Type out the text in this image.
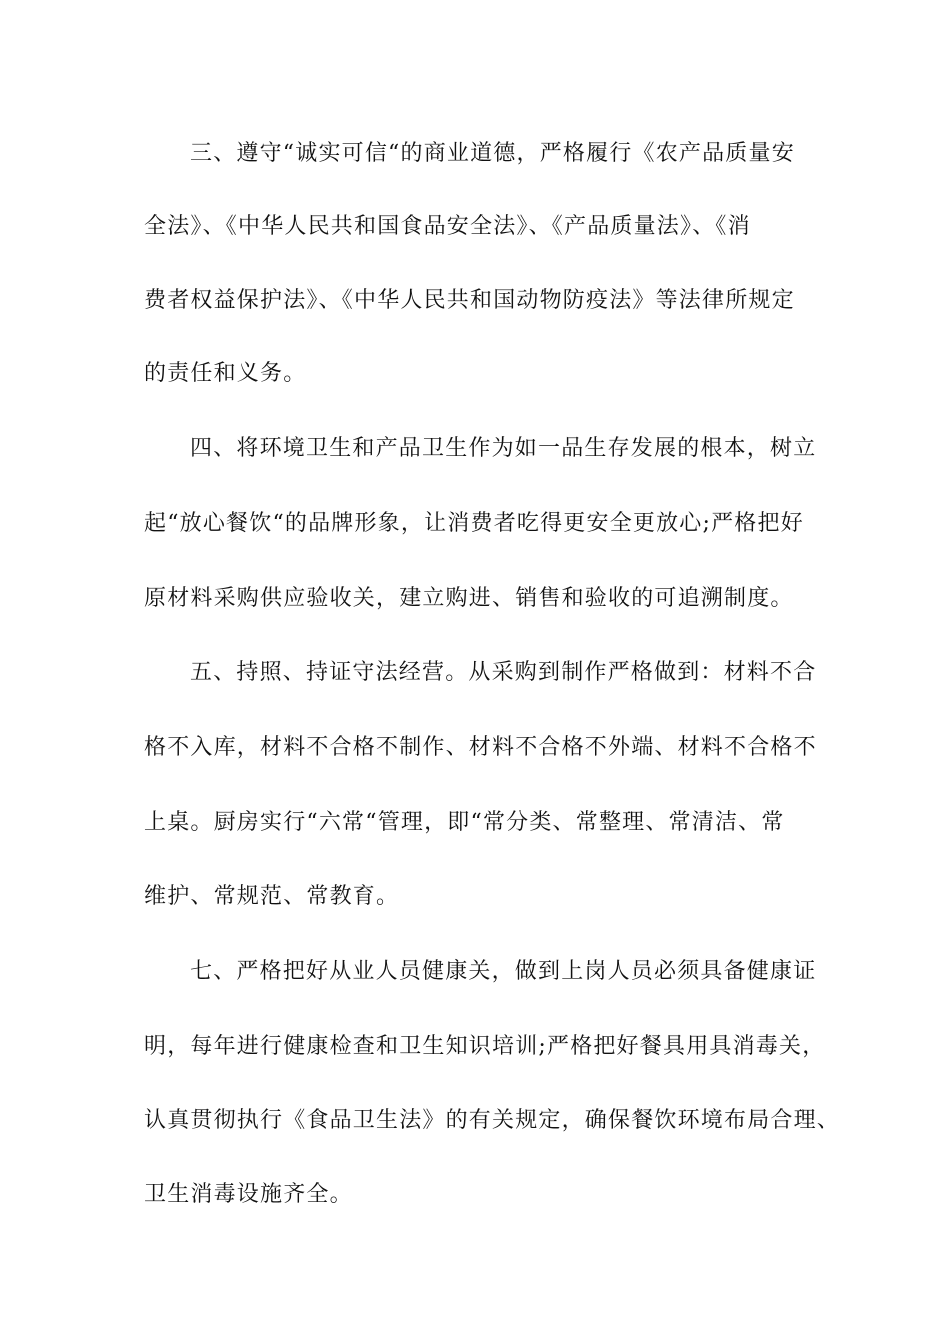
三、遵守“诚实可信“的商业道德，严格履行《农产品质量安
全法》、《中华人民共和国食品安全法》、《产品质量法》、《消
费者权益保护法》、《中华人民共和国动物防疫法》等法律所规定
的责任和义务。
四、将环境卫生和产品卫生作为如一品生存发展的根本，树立
起“放心餐饮“的品牌形象，让消费者吃得更安全更放心;严格把好
原材料采购供应验收关，建立购进、销售和验收的可追溯制度。
五、持照、持证守法经营。从采购到制作严格做到：材料不合
格不入库，材料不合格不制作、材料不合格不外端、材料不合格不
上桌。厨房实行“六常“管理，即“常分类、常整理、常清洁、常
维护、常规范、常教育。
七、严格把好从业人员健康关，做到上岗人员必须具备健康证
明，每年进行健康检查和卫生知识培训;严格把好餐具用具消毒关，
认真贯彻执行《食品卫生法》的有关规定，确保餐饮环境布局合理、
卫生消毒设施齐全。
